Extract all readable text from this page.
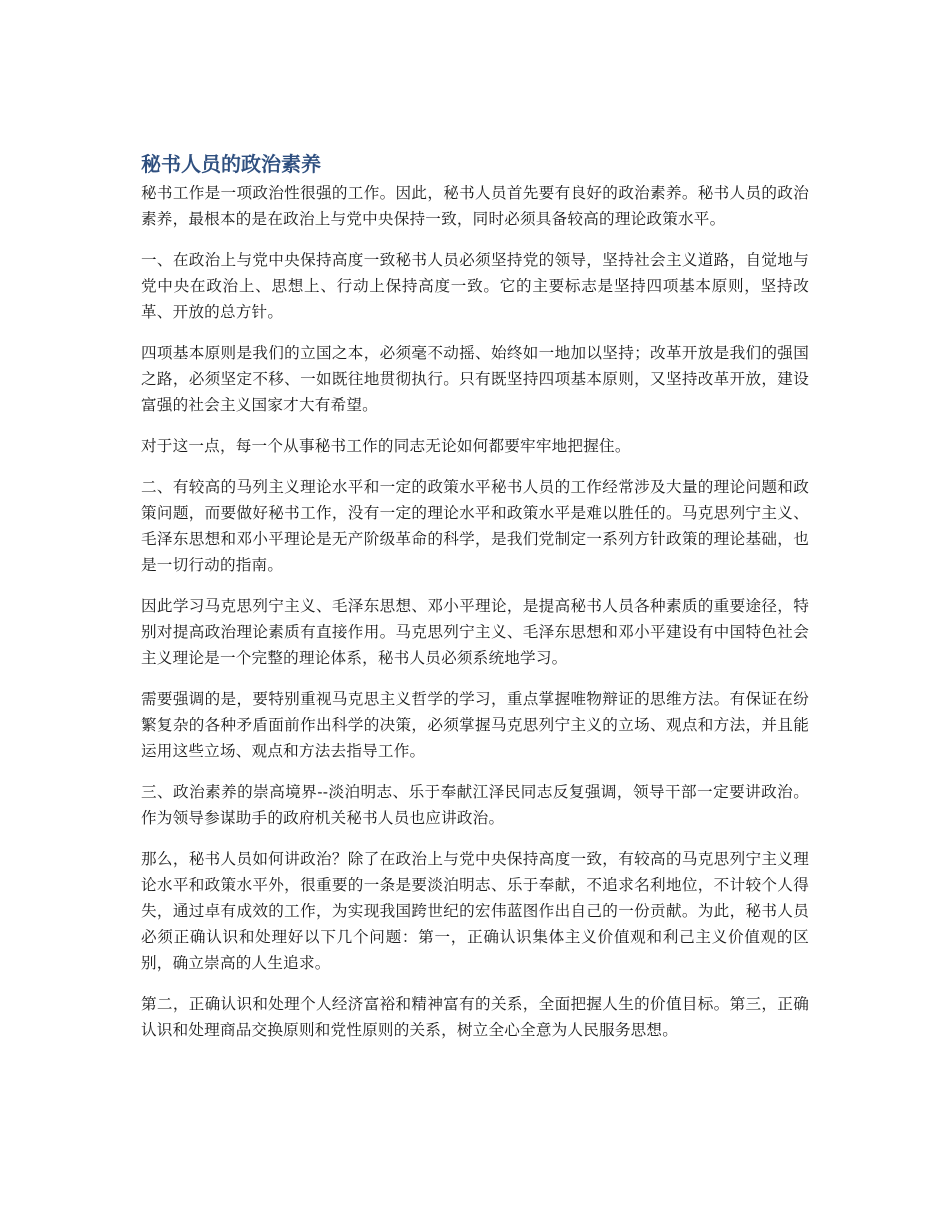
秘书人员的政治素养

秘书工作是一项政治性很强的工作。因此，秘书人员首先要有良好的政治素养。秘书人员的政治素养，最根本的是在政治上与党中央保持一致，同时必须具备较高的理论政策水平。

一、在政治上与党中央保持高度一致秘书人员必须坚持党的领导，坚持社会主义道路，自觉地与党中央在政治上、思想上、行动上保持高度一致。它的主要标志是坚持四项基本原则，坚持改革、开放的总方针。

四项基本原则是我们的立国之本，必须毫不动摇、始终如一地加以坚持；改革开放是我们的强国之路，必须坚定不移、一如既往地贯彻执行。只有既坚持四项基本原则，又坚持改革开放，建设富强的社会主义国家才大有希望。

对于这一点，每一个从事秘书工作的同志无论如何都要牢牢地把握住。

二、有较高的马列主义理论水平和一定的政策水平秘书人员的工作经常涉及大量的理论问题和政策问题，而要做好秘书工作，没有一定的理论水平和政策水平是难以胜任的。马克思列宁主义、毛泽东思想和邓小平理论是无产阶级革命的科学，是我们党制定一系列方针政策的理论基础，也是一切行动的指南。

因此学习马克思列宁主义、毛泽东思想、邓小平理论，是提高秘书人员各种素质的重要途径，特别对提高政治理论素质有直接作用。马克思列宁主义、毛泽东思想和邓小平建设有中国特色社会主义理论是一个完整的理论体系，秘书人员必须系统地学习。

需要强调的是，要特别重视马克思主义哲学的学习，重点掌握唯物辩证的思维方法。有保证在纷繁复杂的各种矛盾面前作出科学的决策，必须掌握马克思列宁主义的立场、观点和方法，并且能运用这些立场、观点和方法去指导工作。

三、政治素养的崇高境界--淡泊明志、乐于奉献江泽民同志反复强调，领导干部一定要讲政治。作为领导参谋助手的政府机关秘书人员也应讲政治。

那么，秘书人员如何讲政治？除了在政治上与党中央保持高度一致，有较高的马克思列宁主义理论水平和政策水平外，很重要的一条是要淡泊明志、乐于奉献，不追求名利地位，不计较个人得失，通过卓有成效的工作，为实现我国跨世纪的宏伟蓝图作出自己的一份贡献。为此，秘书人员必须正确认识和处理好以下几个问题：第一，正确认识集体主义价值观和利己主义价值观的区别，确立崇高的人生追求。

第二，正确认识和处理个人经济富裕和精神富有的关系，全面把握人生的价值目标。第三，正确认识和处理商品交换原则和党性原则的关系，树立全心全意为人民服务思想。
